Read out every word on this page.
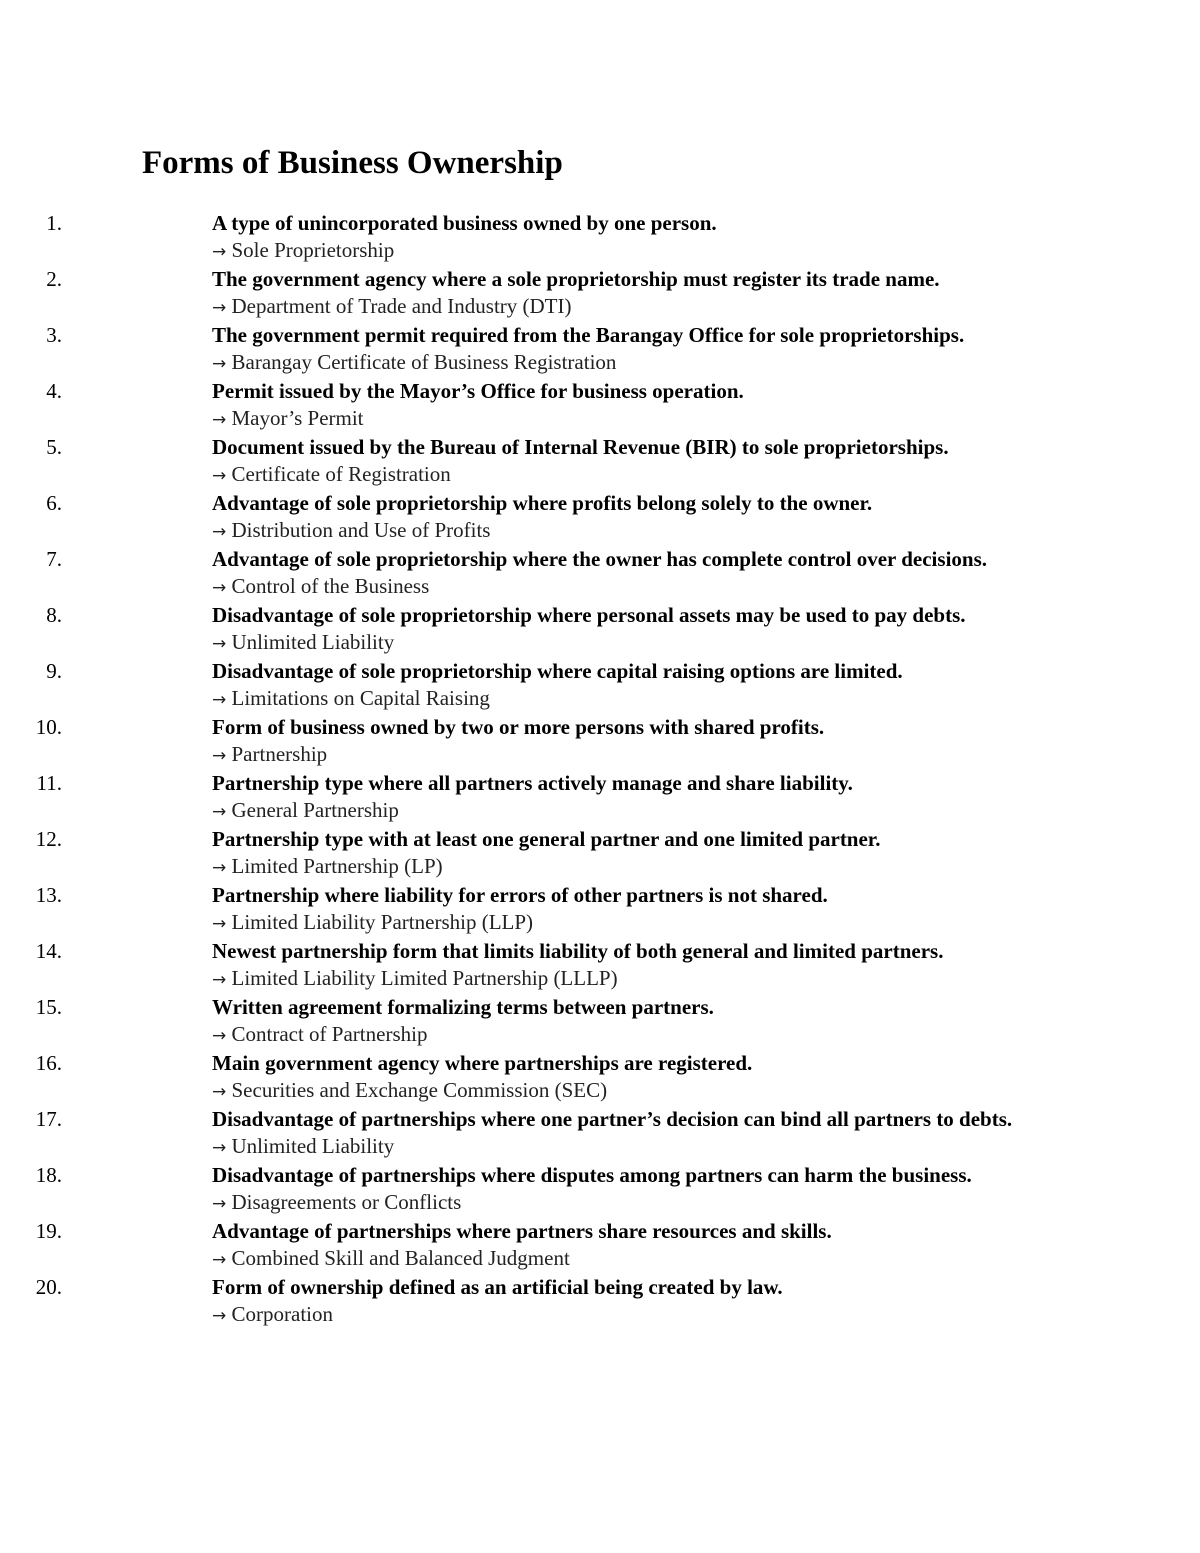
Forms of Business Ownership
1.	A type of unincorporated business owned by one person.
→ Sole Proprietorship
2.	The government agency where a sole proprietorship must register its trade name.
→ Department of Trade and Industry (DTI)
3.	The government permit required from the Barangay Office for sole proprietorships.
→ Barangay Certificate of Business Registration
4.	Permit issued by the Mayor’s Office for business operation.
→ Mayor’s Permit
5.	Document issued by the Bureau of Internal Revenue (BIR) to sole proprietorships.
→ Certificate of Registration
6.	Advantage of sole proprietorship where profits belong solely to the owner.
→ Distribution and Use of Profits
7.	Advantage of sole proprietorship where the owner has complete control over decisions.
→ Control of the Business
8.	Disadvantage of sole proprietorship where personal assets may be used to pay debts.
→ Unlimited Liability
9.	Disadvantage of sole proprietorship where capital raising options are limited.
→ Limitations on Capital Raising
10.	Form of business owned by two or more persons with shared profits.
→ Partnership
11.	Partnership type where all partners actively manage and share liability.
→ General Partnership
12.	Partnership type with at least one general partner and one limited partner.
→ Limited Partnership (LP)
13.	Partnership where liability for errors of other partners is not shared.
→ Limited Liability Partnership (LLP)
14.	Newest partnership form that limits liability of both general and limited partners.
→ Limited Liability Limited Partnership (LLLP)
15.	Written agreement formalizing terms between partners.
→ Contract of Partnership
16.	Main government agency where partnerships are registered.
→ Securities and Exchange Commission (SEC)
17.	Disadvantage of partnerships where one partner’s decision can bind all partners to debts.
→ Unlimited Liability
18.	Disadvantage of partnerships where disputes among partners can harm the business.
→ Disagreements or Conflicts
19.	Advantage of partnerships where partners share resources and skills.
→ Combined Skill and Balanced Judgment
20.	Form of ownership defined as an artificial being created by law.
→ Corporation
